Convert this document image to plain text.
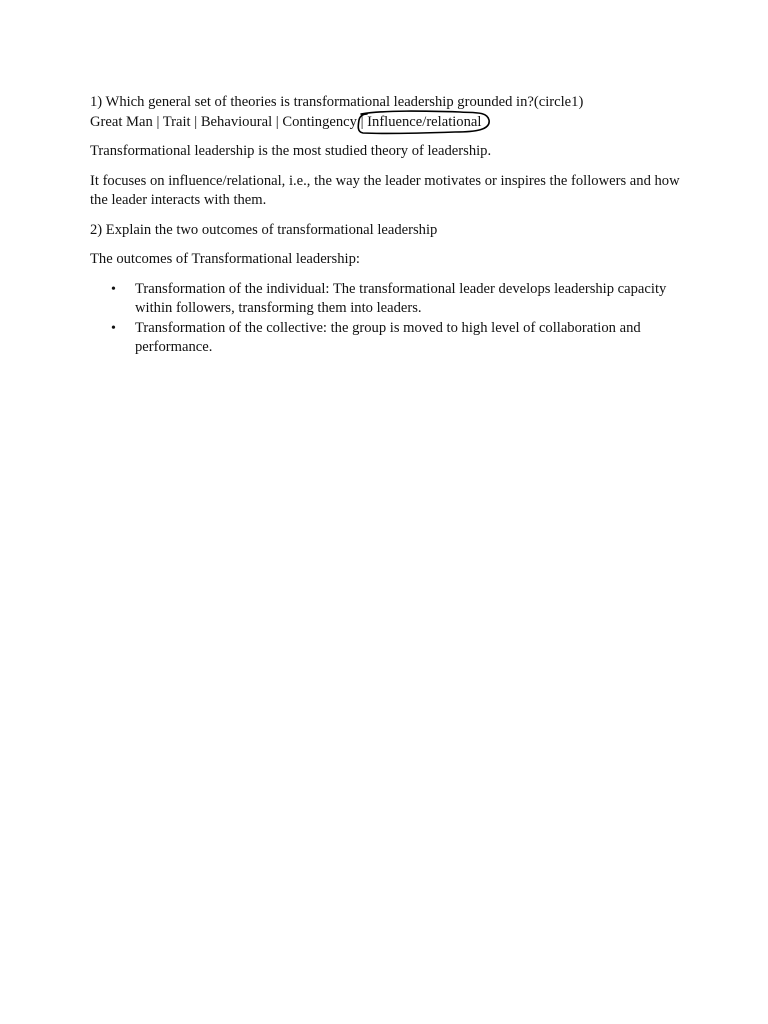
1) Which general set of theories is transformational leadership grounded in?(circle1)
Great Man | Trait | Behavioural | Contingency | Influence/relational

Transformational leadership is the most studied theory of leadership.

It focuses on influence/relational, i.e., the way the leader motivates or inspires the followers and how the leader interacts with them.

2) Explain the two outcomes of transformational leadership

The outcomes of Transformational leadership:

• Transformation of the individual: The transformational leader develops leadership capacity within followers, transforming them into leaders.
• Transformation of the collective: the group is moved to high level of collaboration and performance.
